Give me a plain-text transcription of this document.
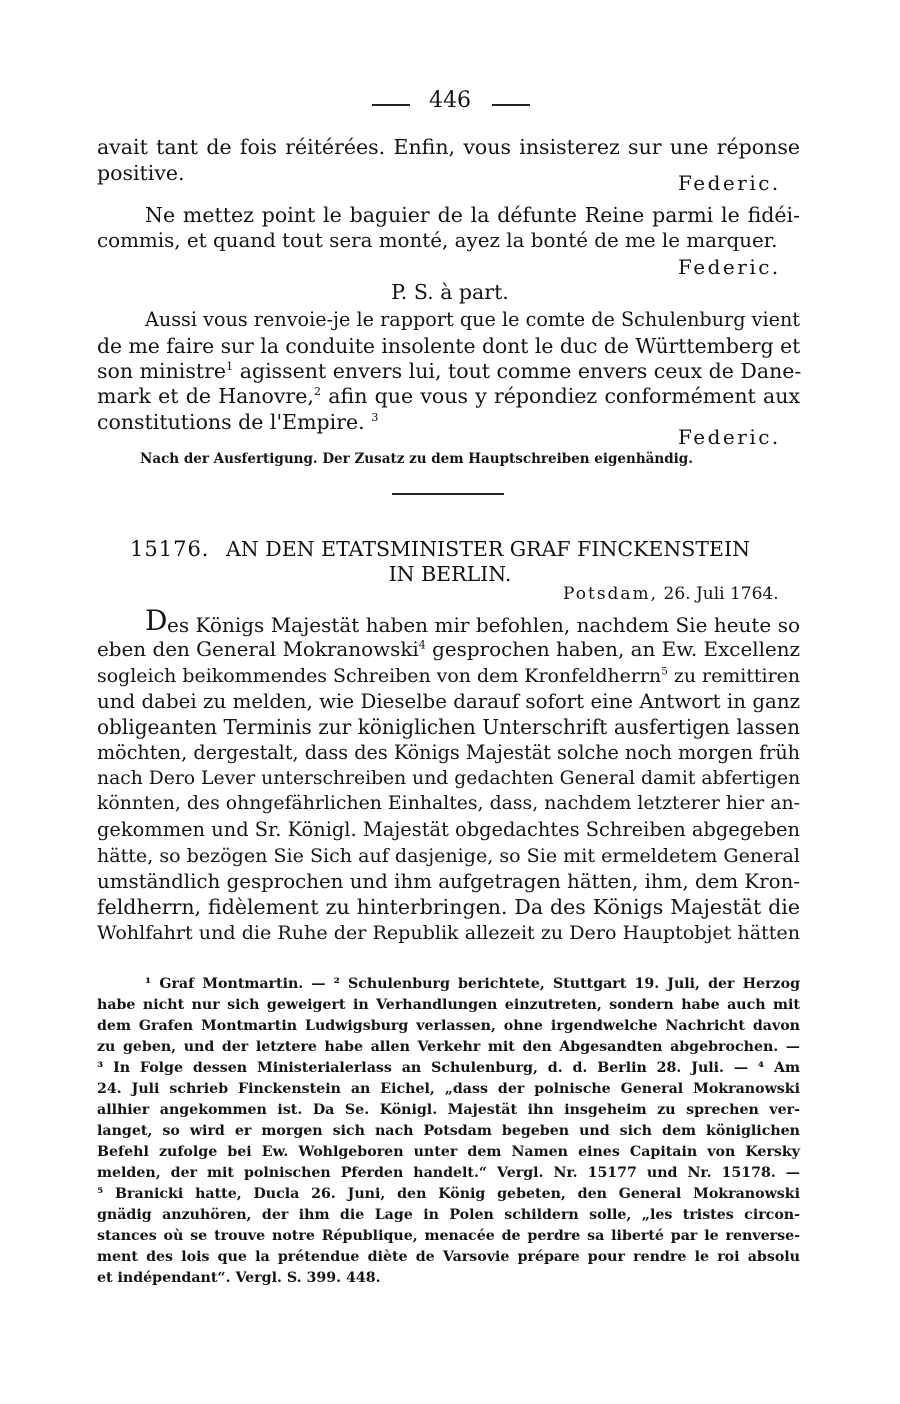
446
avait tant de fois réitérées. Enfin, vous insisterez sur une réponse
positive.	Federic.
Ne mettez point le baguier de la défunte Reine parmi le fidéi-
commis, et quand tout sera monté, ayez la bonté de me le marquer.
Federic.
P. S. à part.
Aussi vous renvoie-je le rapport que le comte de Schulenburg vient
de me faire sur la conduite insolente dont le duc de Württemberg et
son ministre$^1$ agissent envers lui, tout comme envers ceux de Dane-
mark et de Hanovre,$^2$ afin que vous y répondiez conformément aux
constitutions de l'Empire. $^3$
Federic.
Nach der Ausfertigung. Der Zusatz zu dem Hauptschreiben eigenhändig.
15176. AN DEN ETATSMINISTER GRAF FINCKENSTEIN
IN BERLIN.
Potsdam, 26. Juli 1764.
D es Königs Majestät haben mir befohlen, nachdem Sie heute so
eben den General Mokranowski$^4$ gesprochen haben, an Ew. Excellenz
sogleich beikommendes Schreiben von dem Kronfeldherrn$^5$ zu remittiren
und dabei zu melden, wie Dieselbe darauf sofort eine Antwort in ganz
obligeanten Terminis zur königlichen Unterschrift ausfertigen lassen
möchten, dergestalt, dass des Königs Majestät solche noch morgen früh
nach Dero Lever unterschreiben und gedachten General damit abfertigen
könnten, des ohngefährlichen Einhaltes, dass, nachdem letzterer hier an-
gekommen und Sr. Königl. Majestät obgedachtes Schreiben abgegeben
hätte, so bezögen Sie Sich auf dasjenige, so Sie mit ermeldetem General
umständlich gesprochen und ihm aufgetragen hätten, ihm, dem Kron-
feldherrn, fidèlement zu hinterbringen. Da des Königs Majestät die
Wohlfahrt und die Ruhe der Republik allezeit zu Dero Hauptobjet hätten
¹ Graf Montmartin. — ² Schulenburg berichtete, Stuttgart 19. Juli, der Herzog
habe nicht nur sich geweigert in Verhandlungen einzutreten, sondern habe auch mit
dem Grafen Montmartin Ludwigsburg verlassen, ohne irgendwelche Nachricht davon
zu geben, und der letztere habe allen Verkehr mit den Abgesandten abgebrochen. —
³ In Folge dessen Ministerialerlass an Schulenburg, d. d. Berlin 28. Juli. — ⁴ Am
24. Juli schrieb Finckenstein an Eichel, „dass der polnische General Mokranowski
allhier angekommen ist. Da Se. Königl. Majestät ihn insgeheim zu sprechen ver-
langet, so wird er morgen sich nach Potsdam begeben und sich dem königlichen
Befehl zufolge bei Ew. Wohlgeboren unter dem Namen eines Capitain von Kersky
melden, der mit polnischen Pferden handelt.“ Vergl. Nr. 15177 und Nr. 15178. —
⁵ Branicki hatte, Ducla 26. Juni, den König gebeten, den General Mokranowski
gnädig anzuhören, der ihm die Lage in Polen schildern solle, „les tristes circon-
stances où se trouve notre République, menacée de perdre sa liberté par le renverse-
ment des lois que la prétendue diète de Varsovie prépare pour rendre le roi absolu
et indépendant“. Vergl. S. 399. 448.
